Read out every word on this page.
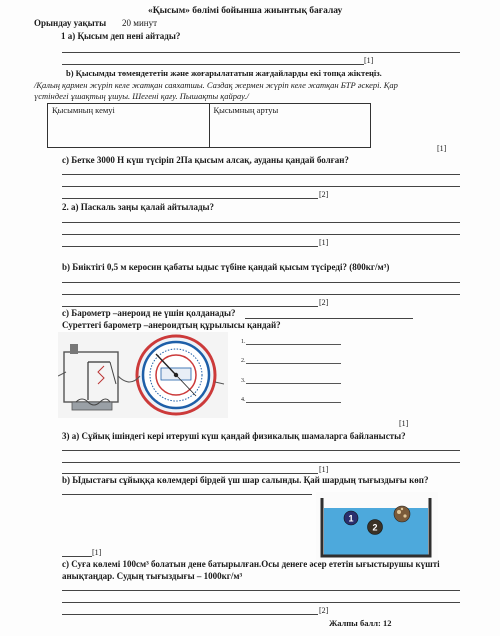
«Қысым» бөлімі бойынша жиынтық бағалау
Орындау уақыты 20 минут
1 а) Қысым деп нені айтады?
[1]
b) Қысымды төмендететін және жоғарылататын жағдайларды екі топқа жіктеңіз.
/Қалың қармен жүріп келе жатқан саяхатшы. Саздақ жермен жүріп келе жатқан БТР әскері. Қар
үстіндегі ұшақтың ұшуы. Шегені қағу. Пышақты қайрау./
Қысымның кемуі	Қысымның артуы
[1]
c) Бетке 3000 Н күш түсіріп 2Па қысым алсақ, ауданы қандай болған?
[2]
2. а) Паскаль заңы қалай айтылады?
[1]
b) Биіктігі 0,5 м керосин қабаты ыдыс түбіне қандай қысым түсіреді? (800кг/м³)
[2]
c) Барометр –анероид не үшін қолданады?
Суреттегі барометр –анероидтың құрылысы қандай?
1.
2.
3.
4.
[1]
3) а) Сұйық ішіндегі кері итеруші күш қандай физикалық шамаларга байланысты?
[1]
b) Ыдыстағы сұйыққа көлемдері бірдей үш шар салынды. Қай шардың тығыздығы көп?
1
2
[1]
c) Суға көлемі 100см³ болатын дене батырылған.Осы денеге әсер ететін ығыстырушы күшті
анықтаңдар. Судың тығыздығы – 1000кг/м³
[2]
Жалпы балл: 12
